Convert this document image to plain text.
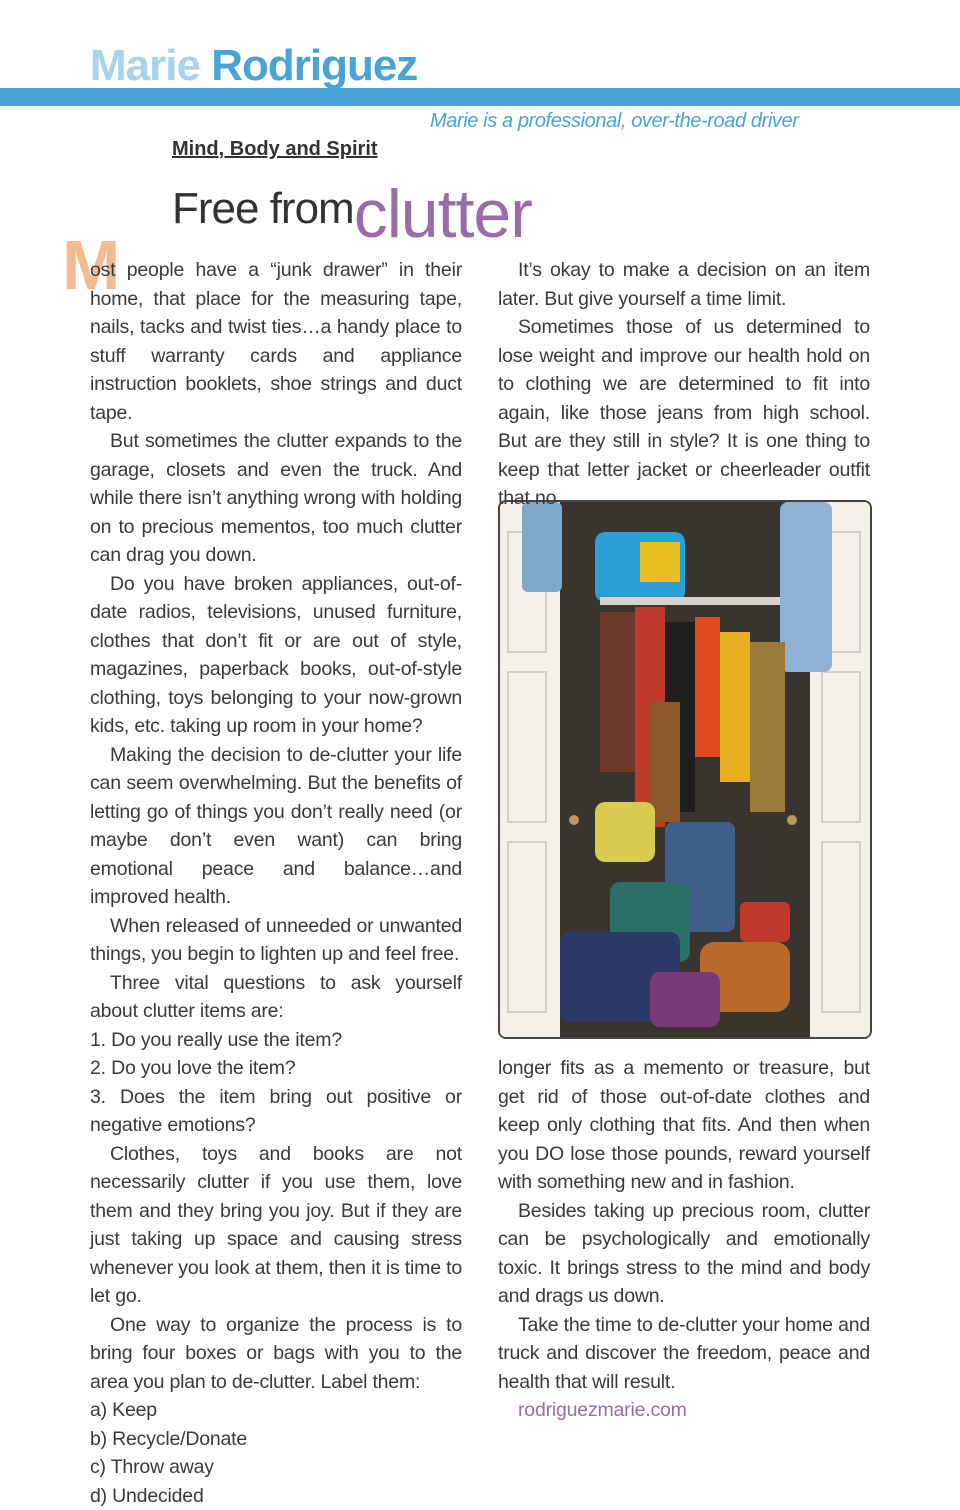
Marie Rodriguez
Marie is a professional, over-the-road driver
Mind, Body and Spirit
Free fromclutter
M

ost people have a “junk drawer” in their home, that place for the measuring tape, nails, tacks and twist ties…a handy place to stuff warranty cards and appliance instruction booklets, shoe strings and duct tape.

But sometimes the clutter expands to the garage, closets and even the truck. And while there isn’t anything wrong with holding on to precious mementos, too much clutter can drag you down.

Do you have broken appliances, out-of-date radios, televisions, unused furniture, clothes that don’t fit or are out of style, magazines, paperback books, out-of-style clothing, toys belonging to your now-grown kids, etc. taking up room in your home?

Making the decision to de-clutter your life can seem overwhelming. But the benefits of letting go of things you don’t really need (or maybe don’t even want) can bring emotional peace and balance…and improved health.

When released of unneeded or unwanted things, you begin to lighten up and feel free.

Three vital questions to ask yourself about clutter items are:

1. Do you really use the item?

2. Do you love the item?

3. Does the item bring out positive or negative emotions?

Clothes, toys and books are not necessarily clutter if you use them, love them and they bring you joy. But if they are just taking up space and causing stress whenever you look at them, then it is time to let go.

One way to organize the process is to bring four boxes or bags with you to the area you plan to de-clutter. Label them:

a) Keep

b) Recycle/Donate

c) Throw away

d) Undecided

It’s okay to make a decision on an item later. But give yourself a time limit.

Sometimes those of us determined to lose weight and improve our health hold on to clothing we are determined to fit into again, like those jeans from high school. But are they still in style? It is one thing to keep that letter jacket or cheerleader outfit that no

longer fits as a memento or treasure, but get rid of those out-of-date clothes and keep only clothing that fits. And then when you DO lose those pounds, reward yourself with something new and in fashion.

Besides taking up precious room, clutter can be psychologically and emotionally toxic. It brings stress to the mind and body and drags us down.

Take the time to de-clutter your home and truck and discover the freedom, peace and health that will result.

rodriguezmarie.com
